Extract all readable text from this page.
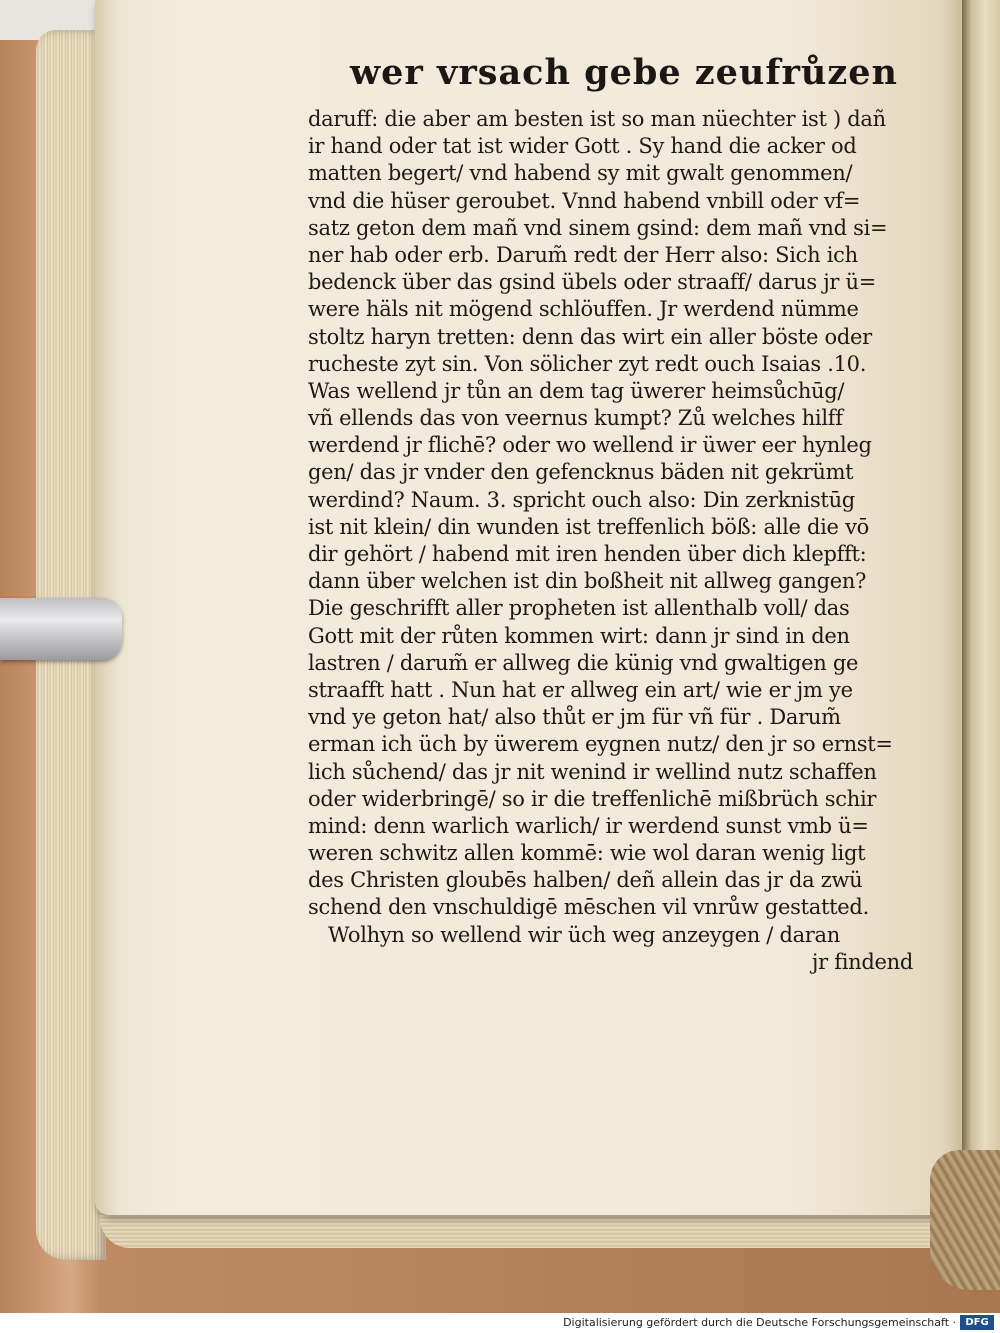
wer vrsach gebe zeufrůzen
daruff: die aber am besten ist so man nüechter ist ) dañ
ir hand oder tat ist wider Gott . Sy hand die acker od
matten begert/ vnd habend sy mit gwalt genommen/
vnd die hüser geroubet. Vnnd habend vnbill oder vf=
satz geton dem mañ vnd sinem gsind: dem mañ vnd si=
ner hab oder erb. Darum̃ redt der Herr also: Sich ich
bedenck über das gsind übels oder straaff/ darus jr ü=
were häls nit mögend schlöuffen. Jr werdend nümme
stoltz haryn tretten: denn das wirt ein aller böste oder
rucheste zyt sin. Von sölicher zyt redt ouch Isaias .10.
Was wellend jr tůn an dem tag üwerer heimsůchūg/
vñ ellends das von veernus kumpt? Zů welches hilff
werdend jr flichē? oder wo wellend ir üwer eer hynleg
gen/ das jr vnder den gefencknus bäden nit gekrümt
werdind? Naum. 3. spricht ouch also: Din zerknistūg
ist nit klein/ din wunden ist treffenlich böß: alle die vō
dir gehört / habend mit iren henden über dich klepfft:
dann über welchen ist din boßheit nit allweg gangen?
Die geschrifft aller propheten ist allenthalb voll/ das
Gott mit der růten kommen wirt: dann jr sind in den
lastren / darum̃ er allweg die künig vnd gwaltigen ge
straafft hatt . Nun hat er allweg ein art/ wie er jm ye
vnd ye geton hat/ also thůt er jm für vñ für . Darum̃
erman ich üch by üwerem eygnen nutz/ den jr so ernst=
lich sůchend/ das jr nit wenind ir wellind nutz schaffen
oder widerbringē/ so ir die treffenlichē mißbrüch schir
mind: denn warlich warlich/ ir werdend sunst vmb ü=
weren schwitz allen kommē: wie wol daran wenig ligt
des Christen gloubēs halben/ deñ allein das jr da zwü
schend den vnschuldigē mēschen vil vnrůw gestatted.
Wolhyn so wellend wir üch weg anzeygen / daran
jr findend
Digitalisierung gefördert durch die Deutsche Forschungsgemeinschaft · DFG
